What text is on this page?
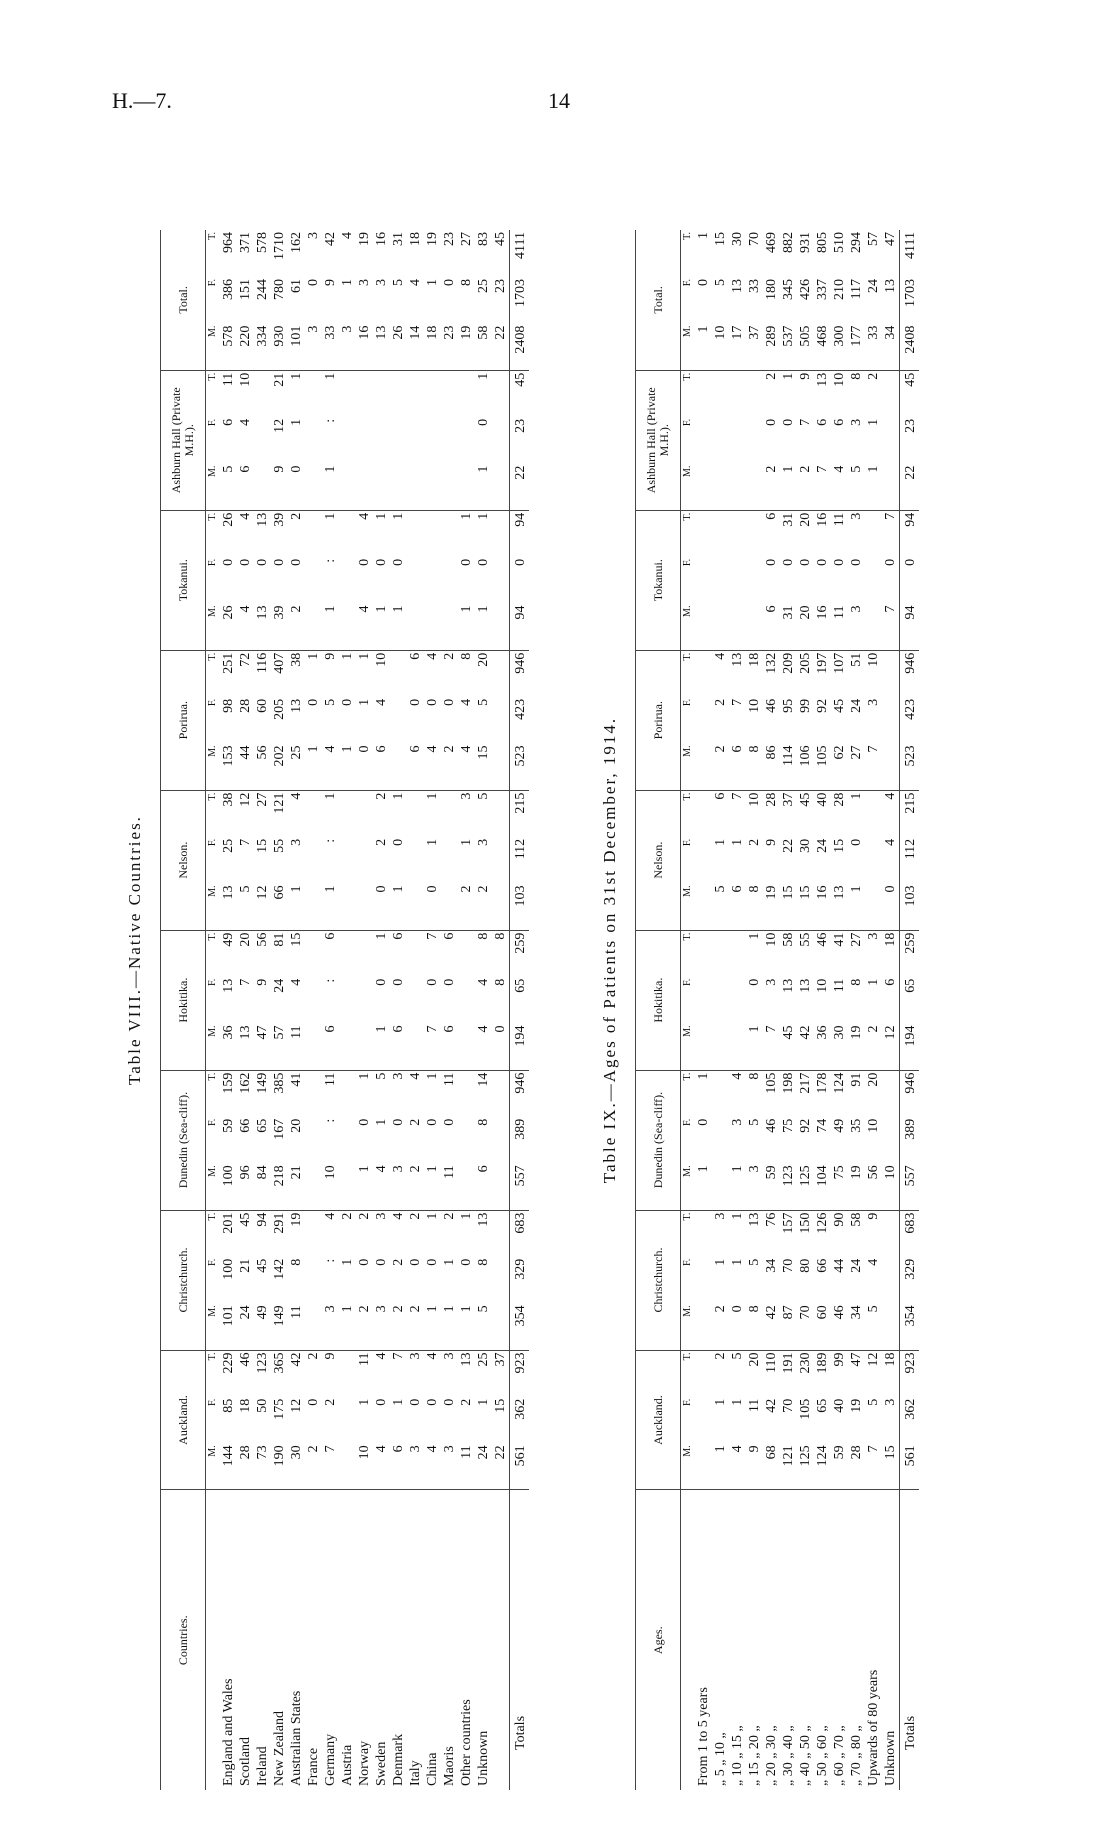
H.—7.	14
Table VIII.—Native Countries.
Countries.	Auckland.			Christchurch.			Dunedin (Sea-cliff).			Hokitika.			Nelson.			Porirua.			Tokanui.			Ashburn Hall (Private M.H.).			Total.		
	M.	F.	T.	M.	F.	T.	M.	F.	T.	M.	F.	T.	M.	F.	T.	M.	F.	T.	M.	F.	T.	M.	F.	T.	M.	F.	T.
England and Wales	144	85	229	101	100	201	100	59	159	36	13	49	13	25	38	153	98	251	26	0	26	5	6	11	578	386	964
Scotland	28	18	46	24	21	45	96	66	162	13	7	20	5	7	12	44	28	72	4	0	4	6	4	10	220	151	371
Ireland	73	50	123	49	45	94	84	65	149	47	9	56	12	15	27	56	60	116	13	0	13				334	244	578
New Zealand	190	175	365	149	142	291	218	167	385	57	24	81	66	55	121	202	205	407	39	0	39	9	12	21	930	780	1710
Australian States	30	12	42	11	8	19	21	20	41	11	4	15	1	3	4	25	13	38	2	0	2	0	1	1	101	61	162
France	2	0	2													1	0	1							3	0	3
Germany	7	2	9	3	:	4	10	:	11	6	:	6	1	:	1	4	5	9	1	:	1	1	:	1	33	9	42
Austria				1	1	2										1	0	1							3	1	4
Norway	10	1	11	2	0	2	1	0	1							0	1	1	4	0	4				16	3	19
Sweden	4	0	4	3	0	3	4	1	5	1	0	1	0	2	2	6	4	10	1	0	1				13	3	16
Denmark	6	1	7	2	2	4	3	0	3	6	0	6	1	0	1				1	0	1				26	5	31
Italy	3	0	3	2	0	2	2	2	4							6	0	6							14	4	18
China	4	0	4	1	0	1	1	0	1	7	0	7	0	1	1	4	0	4							18	1	19
Maoris	3	0	3	1	1	2	11	0	11	6	0	6				2	0	2							23	0	23
Other countries	11	2	13	1	0	1							2	1	3	4	4	8	1	0	1				19	8	27
Unknown	24	1	25	5	8	13	6	8	14	4	4	8	2	3	5	15	5	20	1	0	1	1	0	1	58	25	83
	22	15	37							0	8	8													22	23	45
Totals	561	362	923	354	329	683	557	389	946	194	65	259	103	112	215	523	423	946	94	0	94	22	23	45	2408	1703	4111
Table IX.—Ages of Patients on 31st December, 1914.
Ages.	Auckland.			Christchurch.			Dunedin (Sea-cliff).			Hokitika.			Nelson.			Porirua.			Tokanui.			Ashburn Hall (Private M.H.).			Total.		
	M.	F.	T.	M.	F.	T.	M.	F.	T.	M.	F.	T.	M.	F.	T.	M.	F.	T.	M.	F.	T.	M.	F.	T.	M.	F.	T.
From 1 to 5 years							1	0	1																1	0	1
„ 5 „ 10 „	1	1	2	2	1	3							5	1	6	2	2	4							10	5	15
„ 10 „ 15 „	4	1	5	0	1	1	1	3	4				6	1	7	6	7	13							17	13	30
„ 15 „ 20 „	9	11	20	8	5	13	3	5	8	1	0	1	8	2	10	8	10	18							37	33	70
„ 20 „ 30 „	68	42	110	42	34	76	59	46	105	7	3	10	19	9	28	86	46	132	6	0	6	2	0	2	289	180	469
„ 30 „ 40 „	121	70	191	87	70	157	123	75	198	45	13	58	15	22	37	114	95	209	31	0	31	1	0	1	537	345	882
„ 40 „ 50 „	125	105	230	70	80	150	125	92	217	42	13	55	15	30	45	106	99	205	20	0	20	2	7	9	505	426	931
„ 50 „ 60 „	124	65	189	60	66	126	104	74	178	36	10	46	16	24	40	105	92	197	16	0	16	7	6	13	468	337	805
„ 60 „ 70 „	59	40	99	46	44	90	75	49	124	30	11	41	13	15	28	62	45	107	11	0	11	4	6	10	300	210	510
„ 70 „ 80 „	28	19	47	34	24	58	19	35	91	19	8	27	1	0	1	27	24	51	3	0	3	5	3	8	177	117	294
Upwards of 80 years	7	5	12	5	4	9	56	10	20	2	1	3				7	3	10				1	1	2	33	24	57
Unknown	15	3	18				10			12	6	18	0	4	4				7	0	7				34	13	47
Totals	561	362	923	354	329	683	557	389	946	194	65	259	103	112	215	523	423	946	94	0	94	22	23	45	2408	1703	4111
